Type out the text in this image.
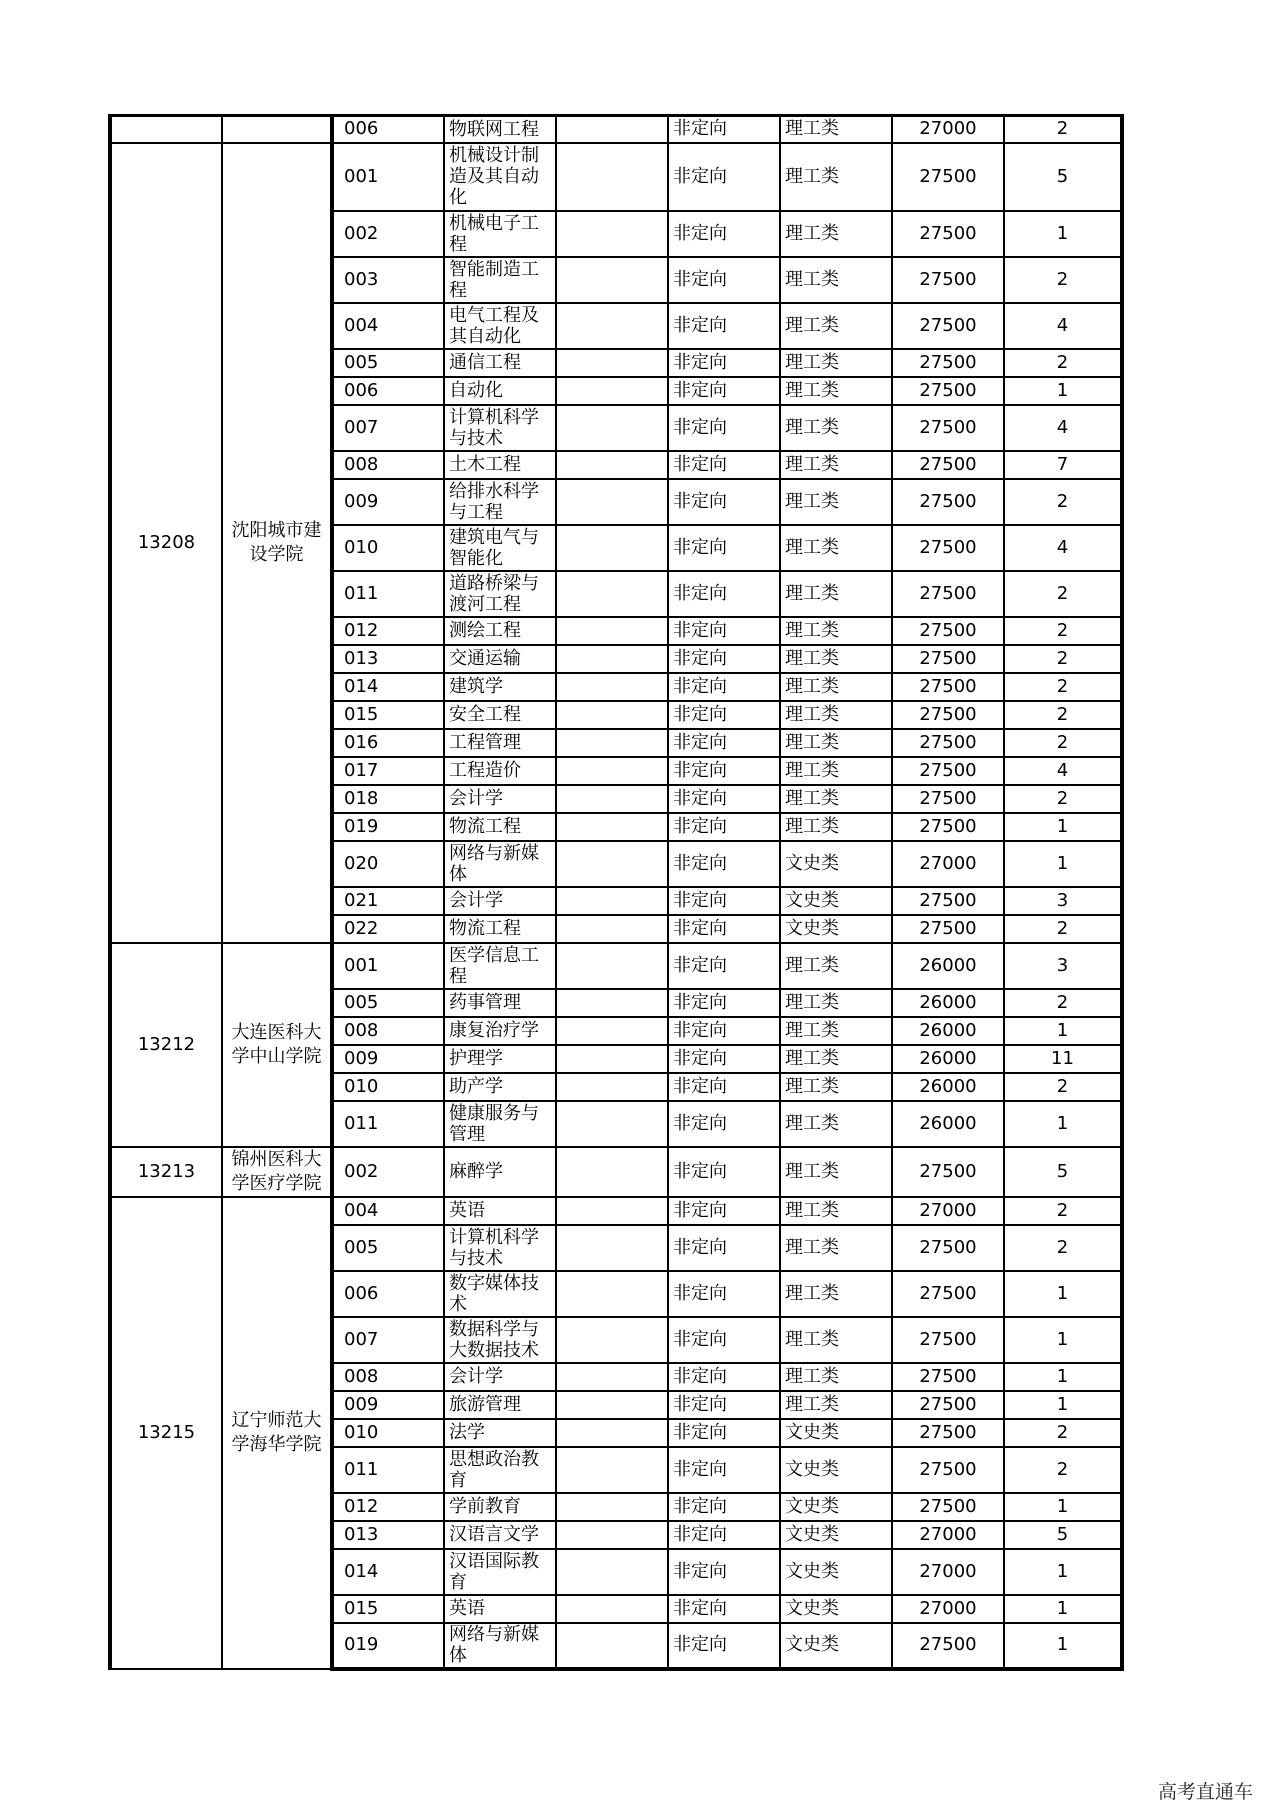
		006	物联网工程		非定向	理工类	27000	2
13208	沈阳城市建设学院	001	机械设计制造及其自动化		非定向	理工类	27500	5
		002	机械电子工程		非定向	理工类	27500	1
		003	智能制造工程		非定向	理工类	27500	2
		004	电气工程及其自动化		非定向	理工类	27500	4
		005	通信工程		非定向	理工类	27500	2
		006	自动化		非定向	理工类	27500	1
		007	计算机科学与技术		非定向	理工类	27500	4
		008	土木工程		非定向	理工类	27500	7
		009	给排水科学与工程		非定向	理工类	27500	2
		010	建筑电气与智能化		非定向	理工类	27500	4
		011	道路桥梁与渡河工程		非定向	理工类	27500	2
		012	测绘工程		非定向	理工类	27500	2
		013	交通运输		非定向	理工类	27500	2
		014	建筑学		非定向	理工类	27500	2
		015	安全工程		非定向	理工类	27500	2
		016	工程管理		非定向	理工类	27500	2
		017	工程造价		非定向	理工类	27500	4
		018	会计学		非定向	理工类	27500	2
		019	物流工程		非定向	理工类	27500	1
		020	网络与新媒体		非定向	文史类	27000	1
		021	会计学		非定向	文史类	27500	3
		022	物流工程		非定向	文史类	27500	2
13212	大连医科大学中山学院	001	医学信息工程		非定向	理工类	26000	3
		005	药事管理		非定向	理工类	26000	2
		008	康复治疗学		非定向	理工类	26000	1
		009	护理学		非定向	理工类	26000	11
		010	助产学		非定向	理工类	26000	2
		011	健康服务与管理		非定向	理工类	26000	1
13213	锦州医科大学医疗学院	002	麻醉学		非定向	理工类	27500	5
13215	辽宁师范大学海华学院	004	英语		非定向	理工类	27000	2
		005	计算机科学与技术		非定向	理工类	27500	2
		006	数字媒体技术		非定向	理工类	27500	1
		007	数据科学与大数据技术		非定向	理工类	27500	1
		008	会计学		非定向	理工类	27500	1
		009	旅游管理		非定向	理工类	27500	1
		010	法学		非定向	文史类	27500	2
		011	思想政治教育		非定向	文史类	27500	2
		012	学前教育		非定向	文史类	27500	1
		013	汉语言文学		非定向	文史类	27000	5
		014	汉语国际教育		非定向	文史类	27000	1
		015	英语		非定向	文史类	27000	1
		019	网络与新媒体		非定向	文史类	27500	1
高考直通车
